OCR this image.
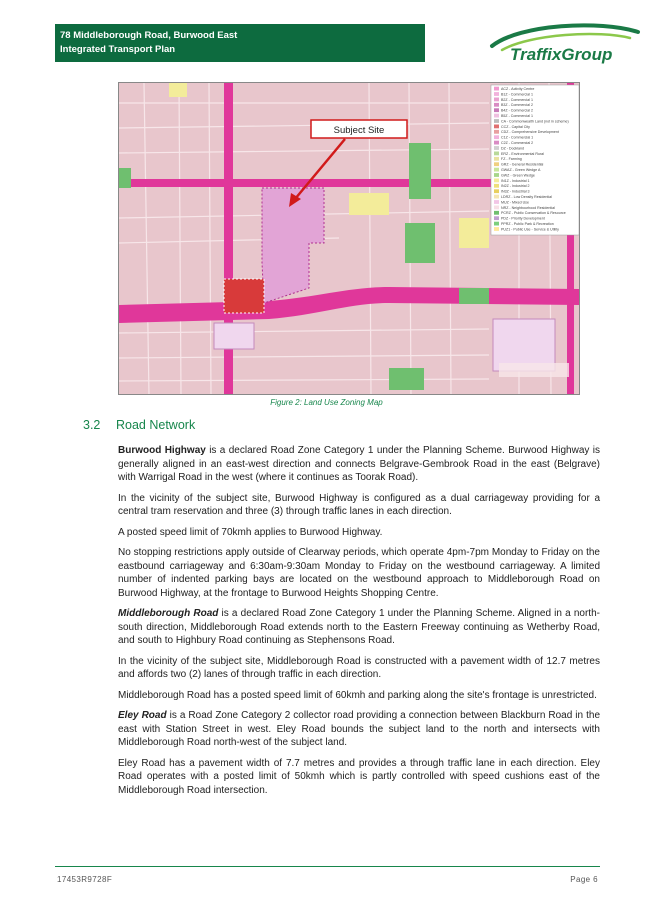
78 Middleborough Road, Burwood East
Integrated Transport Plan	TraffixGroup
ACZ - Activity Centre
B1Z - Commercial 1
B2Z - Commercial 1
B3Z - Commercial 2
B4Z - Commercial 2
B5Z - Commercial 1
CA - Commonwealth Land (not in scheme)
CCZ - Capital City
CDZ - Comprehensive Development
C1Z - Commercial 1
C2Z - Commercial 2
DZ - Dockland
ERZ - Environmental Rural
FZ - Farming
GRZ - General Residential
GWAZ - Green Wedge A
GWZ - Green Wedge
IN1Z - Industrial 1
IN2Z - Industrial 2
IN3Z - Industrial 3
LDRZ - Low Density Residential
MUZ - Mixed Use
NRZ - Neighbourhood Residential
PCRZ - Public Conservation & Resource
PDZ - Priority Development
PPRZ - Public Park & Recreation
PUZ1 - Public Use - Service & Utility
Subject Site
Figure 2: Land Use Zoning Map
3.2 Road Network

Burwood Highway is a declared Road Zone Category 1 under the Planning Scheme. Burwood Highway is generally aligned in an east-west direction and connects Belgrave-Gembrook Road in the east (Belgrave) with Warrigal Road in the west (where it continues as Toorak Road).

In the vicinity of the subject site, Burwood Highway is configured as a dual carriageway providing for a central tram reservation and three (3) through traffic lanes in each direction.

A posted speed limit of 70kmh applies to Burwood Highway.

No stopping restrictions apply outside of Clearway periods, which operate 4pm-7pm Monday to Friday on the eastbound carriageway and 6:30am-9:30am Monday to Friday on the westbound carriageway. A limited number of indented parking bays are located on the westbound approach to Middleborough Road on Burwood Highway, at the frontage to Burwood Heights Shopping Centre.

Middleborough Road is a declared Road Zone Category 1 under the Planning Scheme. Aligned in a north-south direction, Middleborough Road extends north to the Eastern Freeway continuing as Wetherby Road, and south to Highbury Road continuing as Stephensons Road.

In the vicinity of the subject site, Middleborough Road is constructed with a pavement width of 12.7 metres and affords two (2) lanes of through traffic in each direction.

Middleborough Road has a posted speed limit of 60kmh and parking along the site's frontage is unrestricted.

Eley Road is a Road Zone Category 2 collector road providing a connection between Blackburn Road in the east with Station Street in west. Eley Road bounds the subject land to the north and intersects with Middleborough Road north-west of the subject land.

Eley Road has a pavement width of 7.7 metres and provides a through traffic lane in each direction. Eley Road operates with a posted limit of 50kmh which is partly controlled with speed cushions east of the Middleborough Road intersection.

17453R9728F	Page 6
